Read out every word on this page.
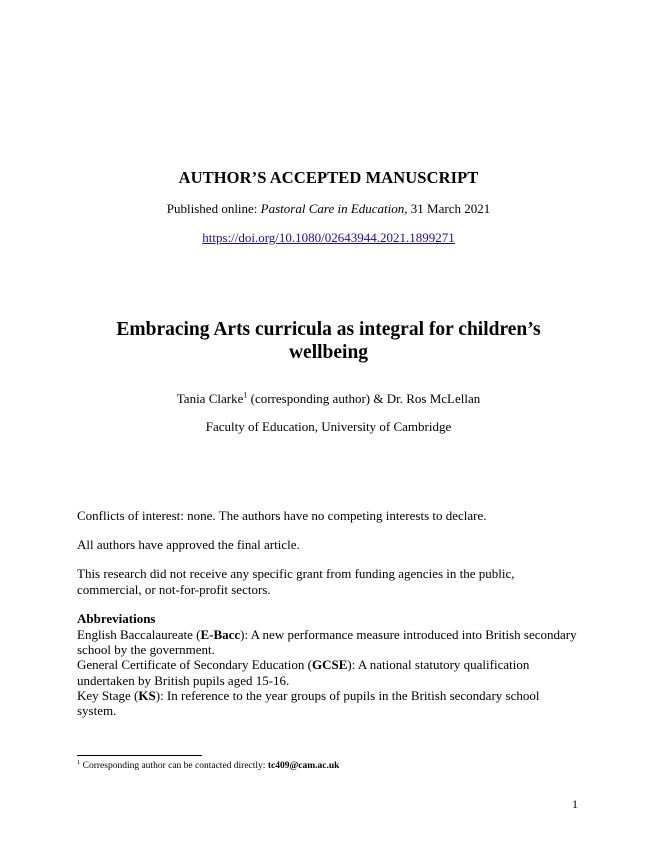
AUTHOR’S ACCEPTED MANUSCRIPT
Published online: Pastoral Care in Education, 31 March 2021
https://doi.org/10.1080/02643944.2021.1899271
Embracing Arts curricula as integral for children’s wellbeing
Tania Clarke$^1$ (corresponding author) & Dr. Ros McLellan
Faculty of Education, University of Cambridge
Conflicts of interest: none. The authors have no competing interests to declare.
All authors have approved the final article.
This research did not receive any specific grant from funding agencies in the public, commercial, or not-for-profit sectors.
Abbreviations
English Baccalaureate (E-Bacc): A new performance measure introduced into British secondary school by the government.
General Certificate of Secondary Education (GCSE): A national statutory qualification undertaken by British pupils aged 15-16.
Key Stage (KS): In reference to the year groups of pupils in the British secondary school system.
$^1$ Corresponding author can be contacted directly: tc409@cam.ac.uk
1
